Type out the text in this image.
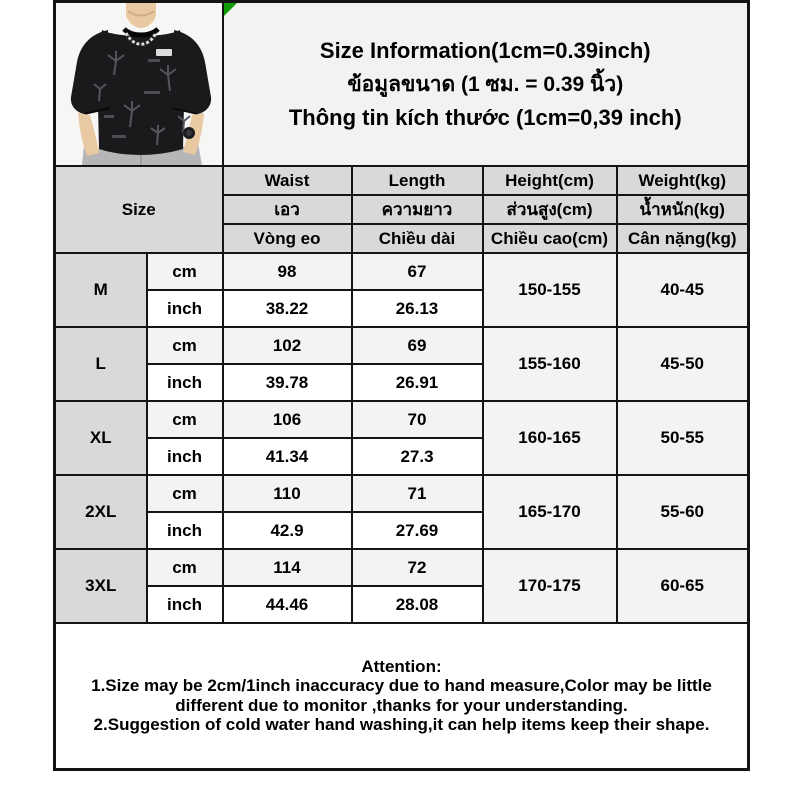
Size Information(1cm=0.39inch)
ข้อมูลขนาด (1 ซม. = 0.39 นิ้ว)
Thông tin kích thước (1cm=0,39 inch)			

Size		Waist	Length	Height(cm)	Weight(kg)
		เอว	ความยาว	ส่วนสูง(cm)	น้ำหนัก(kg)
		Vòng eo	Chiều dài	Chiều cao(cm)	Cân nặng(kg)
M	cm	98	67	150-155	40-45
	inch	38.22	26.13		
L	cm	102	69	155-160	45-50
	inch	39.78	26.91		
XL	cm	106	70	160-165	50-55
	inch	41.34	27.3		
2XL	cm	110	71	165-170	55-60
	inch	42.9	27.69		
3XL	cm	114	72	170-175	60-65
	inch	44.46	28.08		

Attention:
1.Size may be 2cm/1inch inaccuracy due to hand measure,Color may be little different due to monitor ,thanks for your understanding.
2.Suggestion of cold water hand washing,it can help items keep their shape.					
